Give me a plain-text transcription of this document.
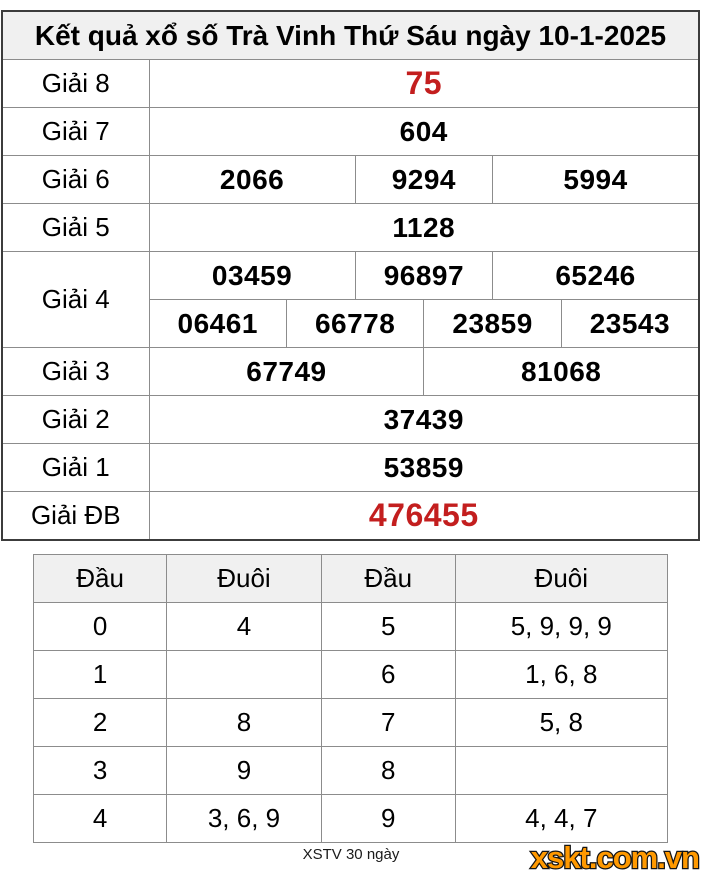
Kết quả xổ số Trà Vinh Thứ Sáu ngày 10-1-2025						
Giải 8	75					
Giải 7	604					
Giải 6	2066		9294		5994	
Giải 5	1128					
Giải 4	03459		96897		65246	
	06461	66778		23859		23543
Giải 3	67749			81068		
Giải 2	37439					
Giải 1	53859					
Giải ĐB	476455					
Đầu	Đuôi	Đầu	Đuôi
0	4	5	5, 9, 9, 9
1		6	1, 6, 8
2	8	7	5, 8
3	9	8	
4	3, 6, 9	9	4, 4, 7
XSTV 30 ngày	xskt.com.vn
